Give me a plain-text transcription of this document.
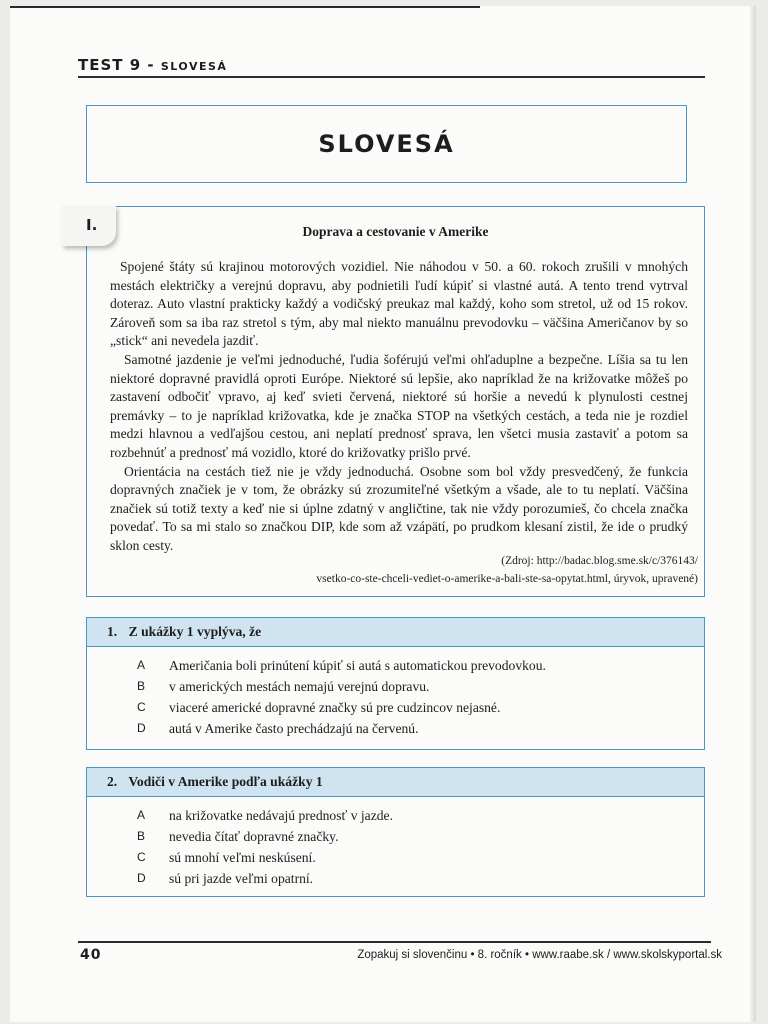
TEST 9 - SLOVESÁ
SLOVESÁ
I.	Doprava a cestovanie v Amerike

Spojené štáty sú krajinou motorových vozidiel. Nie náhodou v 50. a 60. rokoch zrušili v mnohých mestách električky a verejnú dopravu, aby podnietili ľudí kúpiť si vlastné autá. A tento trend vytrval doteraz. Auto vlastní prakticky každý a vodičský preukaz mal každý, koho som stretol, už od 15 rokov. Zároveň som sa iba raz stretol s tým, aby mal niekto manuálnu prevodovku – väčšina Američanov by so „stick“ ani nevedela jazdiť.

Samotné jazdenie je veľmi jednoduché, ľudia šoférujú veľmi ohľaduplne a bezpečne. Líšia sa tu len niektoré dopravné pravidlá oproti Európe. Niektoré sú lepšie, ako napríklad že na križovatke môžeš po zastavení odbočiť vpravo, aj keď svieti červená, niektoré sú horšie a nevedú k plynulosti cestnej premávky – to je napríklad križovatka, kde je značka STOP na všetkých cestách, a teda nie je rozdiel medzi hlavnou a vedľajšou cestou, ani neplatí prednosť sprava, len všetci musia zastaviť a potom sa rozbehnúť a prednosť má vozidlo, ktoré do križovatky prišlo prvé.

Orientácia na cestách tiež nie je vždy jednoduchá. Osobne som bol vždy presvedčený, že funkcia dopravných značiek je v tom, že obrázky sú zrozumiteľné všetkým a všade, ale to tu neplatí. Väčšina značiek sú totiž texty a keď nie si úplne zdatný v angličtine, tak nie vždy porozumieš, čo chcela značka povedať. To sa mi stalo so značkou DIP, kde som až vzápätí, po prudkom klesaní zistil, že ide o prudký sklon cesty.

(Zdroj: http://badac.blog.sme.sk/c/376143/
vsetko-co-ste-chceli-vediet-o-amerike-a-bali-ste-sa-opytat.html, úryvok, upravené)
1. Z ukážky 1 vyplýva, že
A Američania boli prinútení kúpiť si autá s automatickou prevodovkou.
B v amerických mestách nemajú verejnú dopravu.
C viaceré americké dopravné značky sú pre cudzincov nejasné.
D autá v Amerike často prechádzajú na červenú.
2. Vodiči v Amerike podľa ukážky 1
A na križovatke nedávajú prednosť v jazde.
B nevedia čítať dopravné značky.
C sú mnohí veľmi neskúsení.
D sú pri jazde veľmi opatrní.
40	Zopakuj si slovenčinu • 8. ročník • www.raabe.sk / www.skolskyportal.sk
